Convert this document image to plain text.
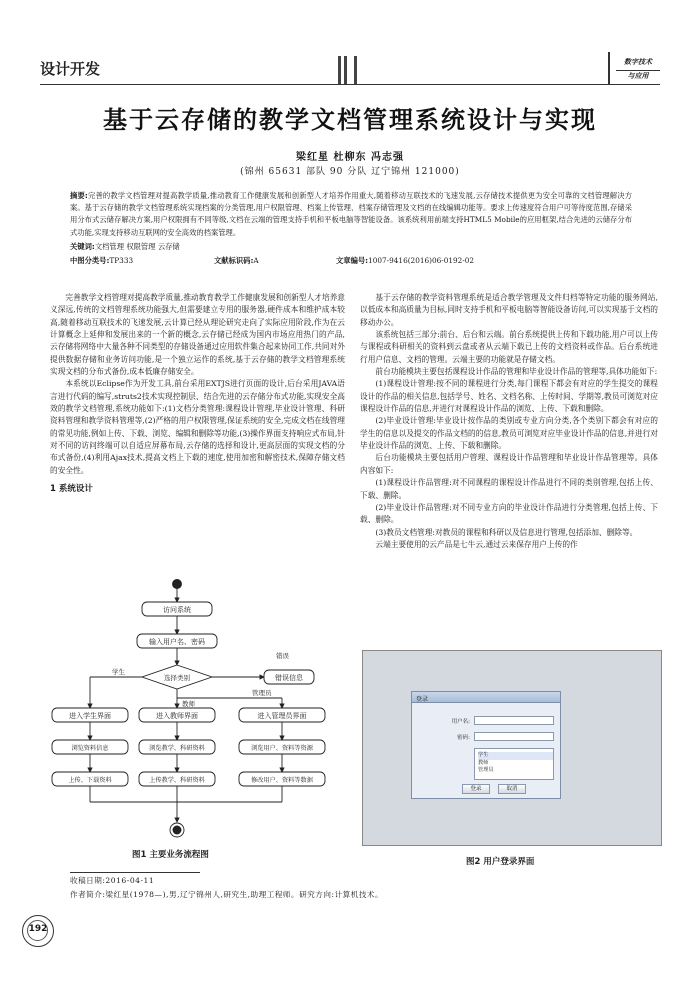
设计开发	数字技术
与应用
基于云存储的教学文档管理系统设计与实现
梁红星 杜柳东 冯志强
(锦州 65631 部队 90 分队 辽宁锦州 121000)
摘要:完善的教学文档管理对提高教学质量,推动教育工作健康发展和创新型人才培养作用重大,随着移动互联技术的飞速发展,云存储技术提供更为安全可靠的文档管理解决方案。基于云存储的教学文档管理系统实现档案的分类管理,用户权限管理、档案上传管理、档案存储管理及文档的在线编辑功能等。要求上传速度符合用户可等待度范围,存储采用分布式云储存解决方案,用户权限拥有不同等级,文档在云端的管理支持手机和平板电脑等智能设备。该系统利用前端支持HTML5 Mobile的应用框架,结合先进的云储存分布式功能,实现支持移动互联网的安全高效的档案管理。
关键词:文档管理 权限管理 云存储
中图分类号:TP333	文献标识码:A	文章编号:1007-9416(2016)06-0192-02

完善教学文档管理对提高教学质量,推动教育教学工作健康发展和创新型人才培养意义深远,传统的文档管理系统功能强大,但需要建立专用的服务器,硬件成本和维护成本较高,随着移动互联技术的飞速发展,云计算已经从理论研究走向了实际应用阶段,作为在云计算概念上延伸和发展出来的一个新的概念,云存储已经成为国内市场应用热门的产品,云存储将网络中大量各种不同类型的存储设备通过应用软件集合起来协同工作,共同对外提供数据存储和业务访问功能,是一个独立运作的系统,基于云存储的教学文档管理系统实现文档的分布式备份,成本低廉存储安全。

本系统以Eclipse作为开发工具,前台采用EXTJS进行页面的设计,后台采用JAVA语言进行代码的编写,struts2技术实现控制层、结合先进的云存储分布式功能,实现安全高效的教学文档管理,系统功能如下:(1)文档分类管理:课程设计管理,毕业设计管理、科研资料管理和教学资料管理等,(2)严格的用户权限管理,保证系统的安全,完成文档在线管理的常见功能,例如上传、下载、浏览、编辑和删除等功能,(3)操作界面支持响应式布局,针对不同的访问终端可以自适应屏幕布局,云存储的选择和设计,更高层面的实现文档的分布式备份,(4)利用Ajax技术,提高文档上下载的速度,使用加密和解密技术,保障存储文档的安全性。

1 系统设计

基于云存储的教学资料管理系统是适合教学管理及文件归档等特定功能的服务网站,以低成本和高质量为目标,同时支持手机和平板电脑等智能设备访问,可以实现基于文档的移动办公。

该系统包括三部分:前台、后台和云端。前台系统提供上传和下载功能,用户可以上传与课程或科研相关的资料到云盘或者从云端下载已上传的文档资料或作品。后台系统进行用户信息、文档的管理。云端主要的功能就是存储文档。

前台功能模块主要包括课程设计作品的管理和毕业设计作品的管理等,具体功能如下:

(1)课程设计管理:按不同的课程进行分类,每门课程下都会有对应的学生提交的课程设计的作品的相关信息,包括学号、姓名、文档名称、上传时间、学期等,教员可浏览对应课程设计作品的信息,并进行对课程设计作品的浏览、上传、下载和删除。

(2)毕业设计管理:毕业设计按作品的类别或专业方向分类,各个类别下都会有对应的学生的信息以及提交的作品文档的的信息,教员可浏览对应毕业设计作品的信息,并进行对毕业设计作品的浏览、上传、下载和删除。

后台功能模块主要包括用户管理、课程设计作品管理和毕业设计作品管理等。具体内容如下:

(1)课程设计作品管理:对不同课程的课程设计作品进行不同的类别管理,包括上传、下载、删除。

(2)毕业设计作品管理:对不同专业方向的毕业设计作品进行分类管理,包括上传、下载、删除。

(3)教员文档管理:对教员的课程和科研以及信息进行管理,包括添加、删除等。

云端主要使用的云产品是七牛云,通过云来保存用户上传的作

访问系统
输入用户名、密码
选择类别	错误信息
进入学生界面	进入教师界面	进入管理员界面
浏览资料信息	浏览教学、科研资料	浏览用户、资料等资源
上传、下载资料	上传教学、科研资料	修改用户、资料等数据
学生
教师
管理员
错误
图1 主要业务流程图
登录
用户名:
密码:
学生
教师
管理员
登录	取消
图2 用户登录界面
收稿日期:2016-04-11
作者简介:梁红星(1978—),男,辽宁锦州人,研究生,助理工程师。研究方向:计算机技术。
192
